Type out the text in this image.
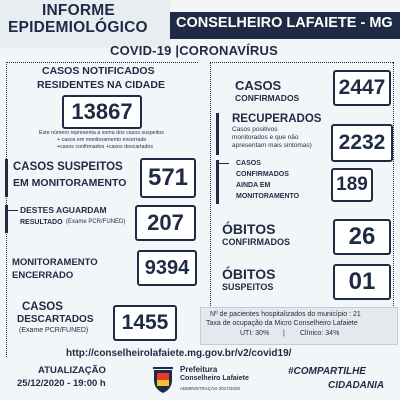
INFORME
EPIDEMIOLÓGICO CONSELHEIRO LAFAIETE - MG
COVID-19 |CORONAVÍRUS
CASOS NOTIFICADOS
RESIDENTES NA CIDADE
13867
Este número representa a soma dos casos suspeitos
+ casos em monitoramento encerrado
+casos confirmados +casos descartados
CASOS SUSPEITOS
EM MONITORAMENTO 571
DESTES AGUARDAM
RESULTADO (Exame PCR/FUNED) 207
MONITORAMENTO
ENCERRADO	9394
CASOS
DESCARTADOS
(Exame PCR/FUNED)	1455
CASOS
CONFIRMADOS 2447
RECUPERADOS
Casos positivos
monitorados e que não
apresentam mais sintomas)	2232
CASOS
CONFIRMADOS
AINDA EM
MONITORAMENTO
189
ÓBITOS
CONFIRMADOS	26
ÓBITOS
SUSPEITOS	01
Nº de pacientes hospitalizados do município : 21
Taxa de ocupação da Micro Conselheiro Lafaiete
UTI: 30% | Clínico: 34%
http://conselheirolafaiete.mg.gov.br/v2/covid19/
ATUALIZAÇÃO
25/12/2020 - 19:00 h
Prefeitura
Conselheiro Lafaiete
ADMINISTRAÇÃO 2017/2020
#COMPARTILHE
CIDADANIA
